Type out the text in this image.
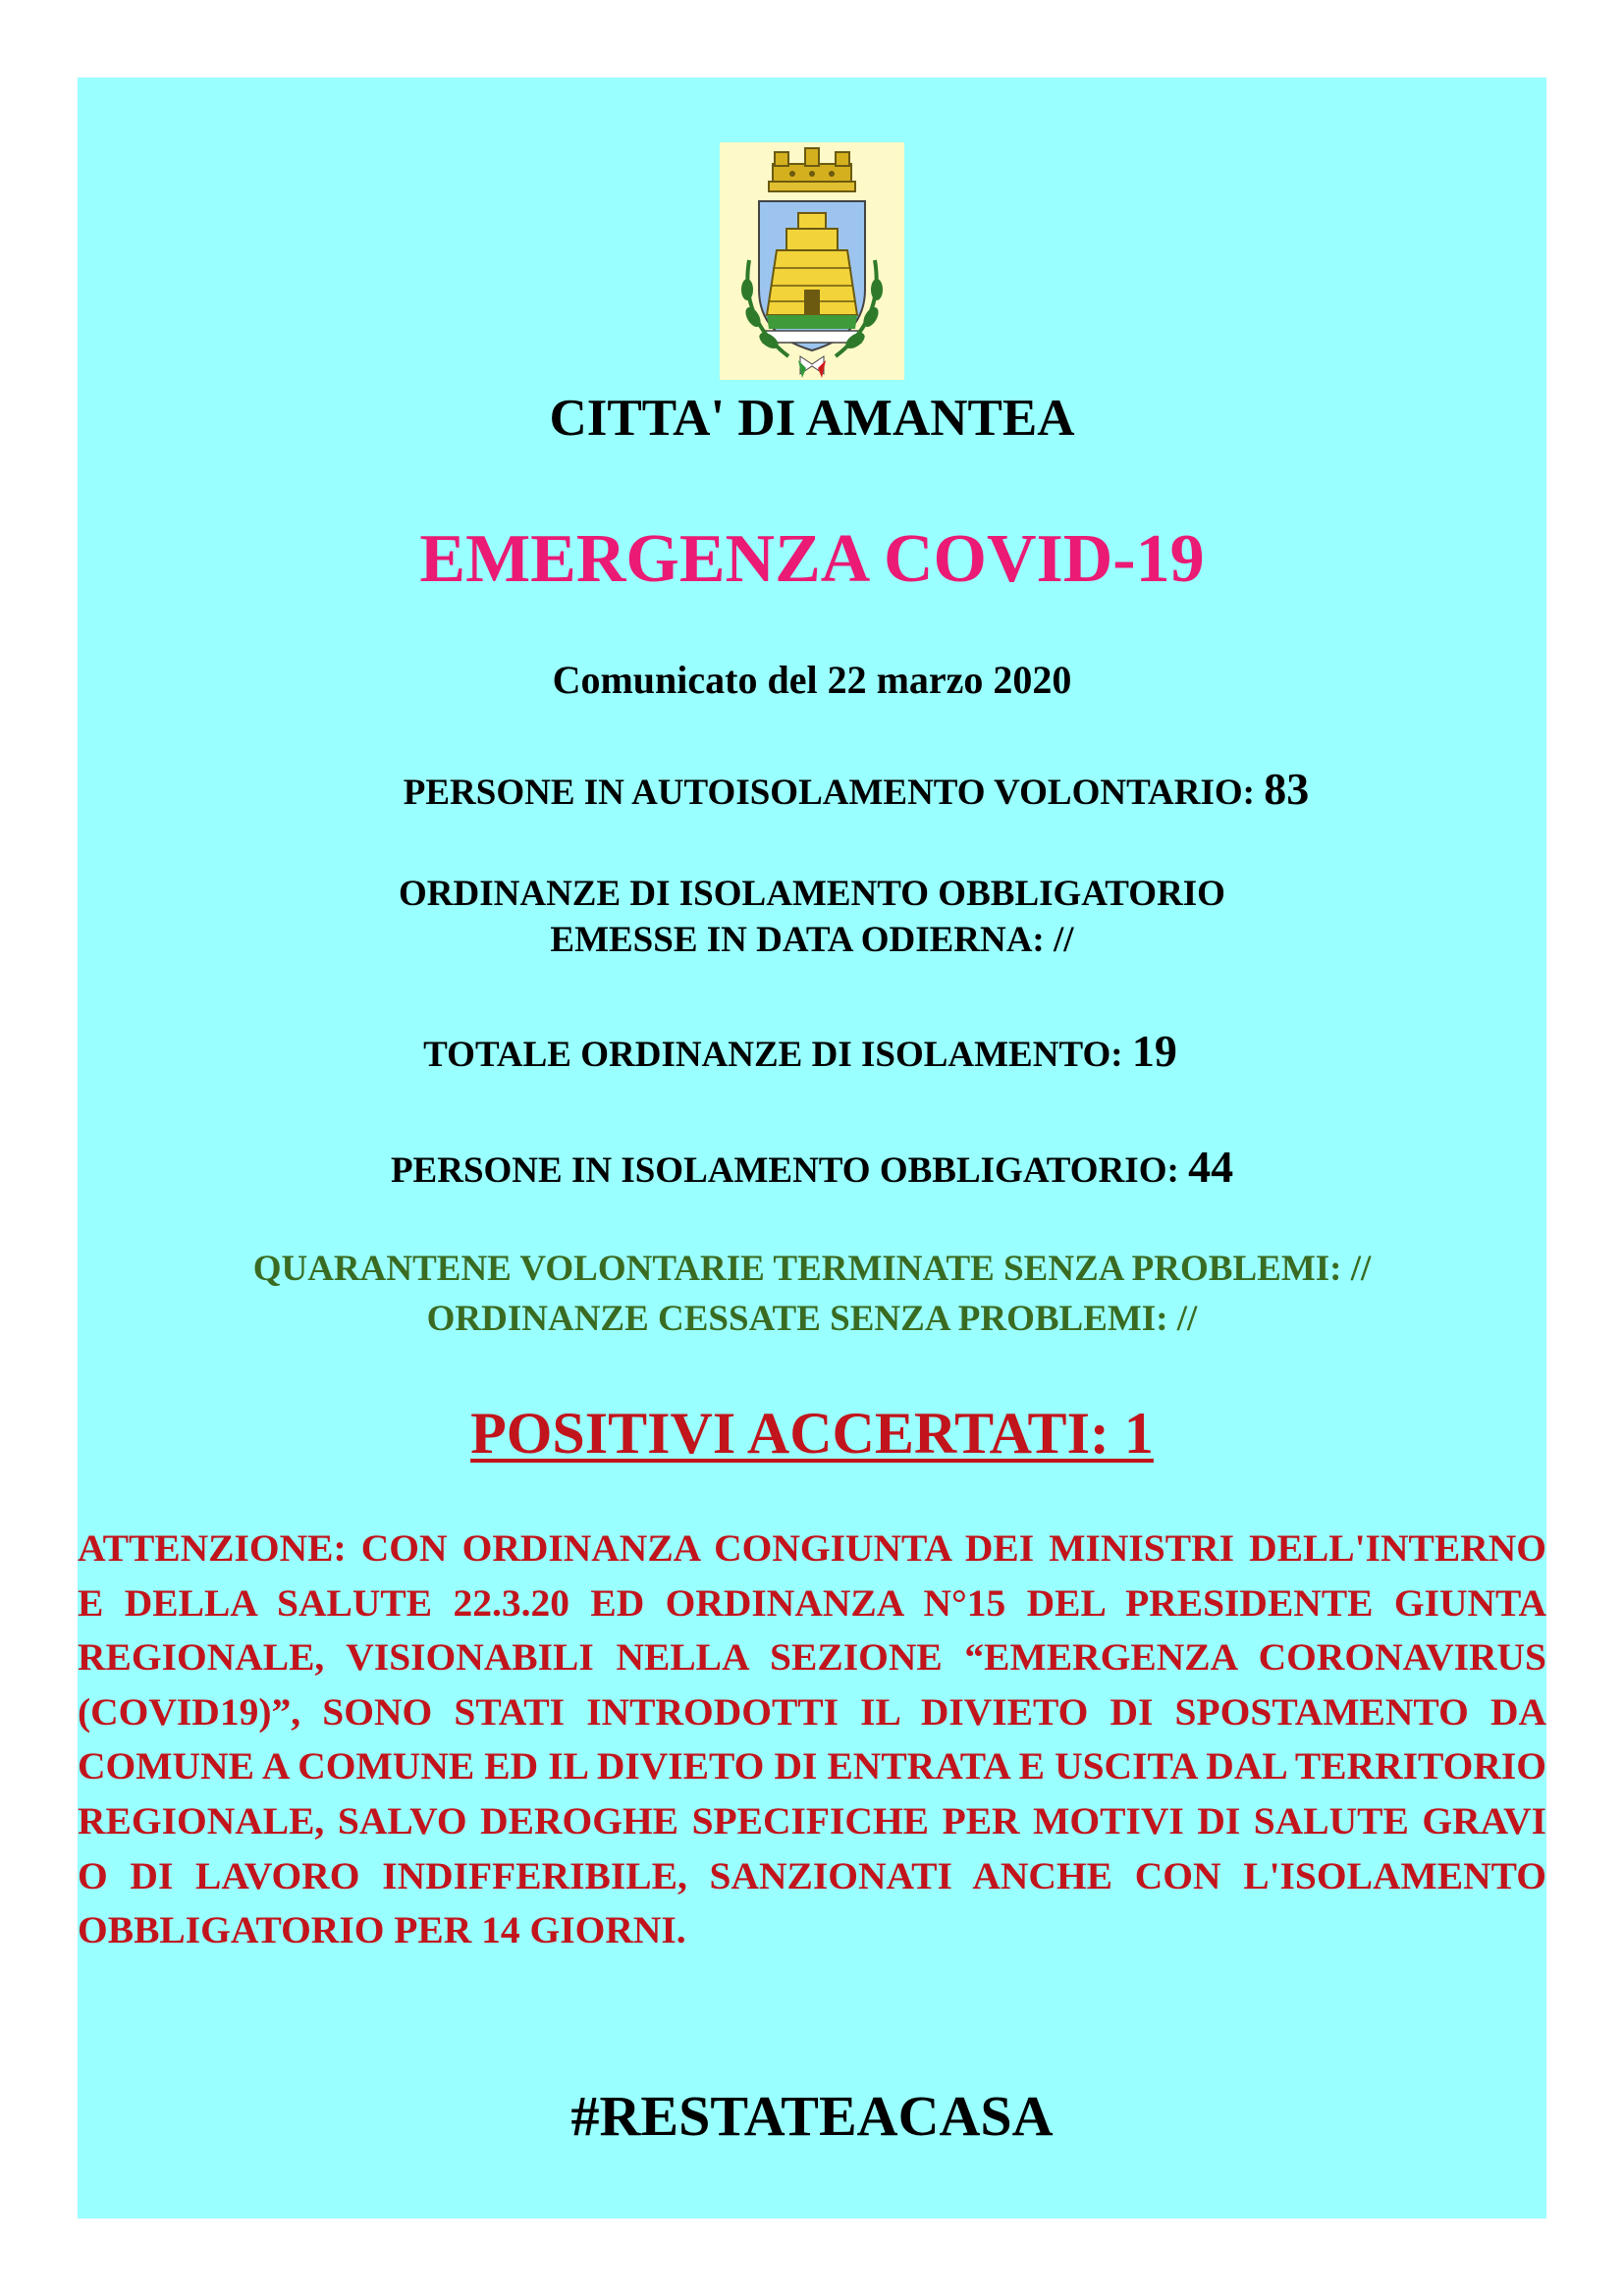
CITTA' DI AMANTEA
EMERGENZA COVID-19
Comunicato del 22 marzo 2020
PERSONE IN AUTOISOLAMENTO VOLONTARIO: 83
ORDINANZE DI ISOLAMENTO OBBLIGATORIO
EMESSE IN DATA ODIERNA: //
TOTALE ORDINANZE DI ISOLAMENTO: 19
PERSONE IN ISOLAMENTO OBBLIGATORIO: 44
QUARANTENE VOLONTARIE TERMINATE SENZA PROBLEMI: //
ORDINANZE CESSATE SENZA PROBLEMI: //
POSITIVI ACCERTATI: 1
ATTENZIONE: CON ORDINANZA CONGIUNTA DEI MINISTRI DELL'INTERNO E DELLA SALUTE 22.3.20 ED ORDINANZA N°15 DEL PRESIDENTE GIUNTA REGIONALE, VISIONABILI NELLA SEZIONE “EMERGENZA CORONAVIRUS (COVID19)”, SONO STATI INTRODOTTI IL DIVIETO DI SPOSTAMENTO DA COMUNE A COMUNE ED IL DIVIETO DI ENTRATA E USCITA DAL TERRITORIO REGIONALE, SALVO DEROGHE SPECIFICHE PER MOTIVI DI SALUTE GRAVI O DI LAVORO INDIFFERIBILE, SANZIONATI ANCHE CON L'ISOLAMENTO OBBLIGATORIO PER 14 GIORNI.
#RESTATEACASA
